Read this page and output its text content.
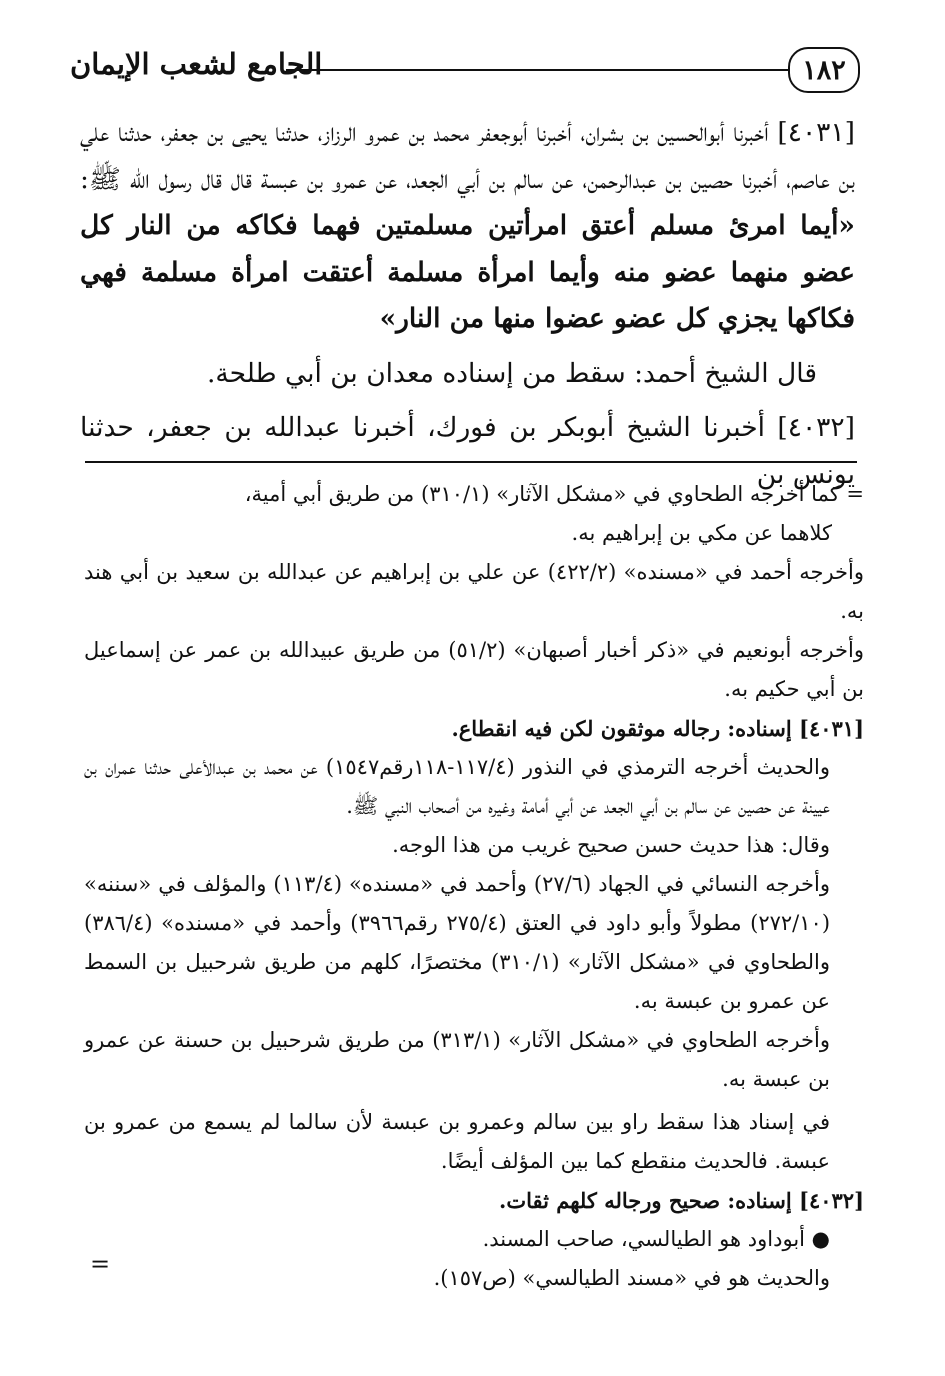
١٨٢
الجامع لشعب الإيمان

[٤٠٣١] أخبرنا أبوالحسين بن بشران، أخبرنا أبوجعفر محمد بن عمرو الرزاز، حدثنا يحيى بن جعفر، حدثنا علي بن عاصم، أخبرنا حصين بن عبدالرحمن، عن سالم بن أبي الجعد، عن عمرو بن عبسة قال قال رسول الله ﷺ: «أيما امرئ مسلم أعتق امرأتين مسلمتين فهما فكاكه من النار كل عضو منهما عضو منه وأيما امرأة مسلمة أعتقت امرأة مسلمة فهي فكاكها يجزي كل عضو عضوا منها من النار»

قال الشيخ أحمد: سقط من إسناده معدان بن أبي طلحة.

[٤٠٣٢] أخبرنا الشيخ أبوبكر بن فورك، أخبرنا عبدالله بن جعفر، حدثنا يونس بن

= كما أخرجه الطحاوي في «مشكل الآثار» (٣١٠/١) من طريق أبي أمية،

كلاهما عن مكي بن إبراهيم به.

وأخرجه أحمد في «مسنده» (٤٢٢/٢) عن علي بن إبراهيم عن عبدالله بن سعيد بن أبي هند به.

وأخرجه أبونعيم في «ذكر أخبار أصبهان» (٥١/٢) من طريق عبيدالله بن عمر عن إسماعيل بن أبي حكيم به.

[٤٠٣١] إسناده: رجاله موثقون لكن فيه انقطاع.

والحديث أخرجه الترمذي في النذور (١١٧/٤-١١٨رقم١٥٤٧) عن محمد بن عبدالأعلى حدثنا عمران بن عيينة عن حصين عن سالم بن أبي الجعد عن أبي أمامة وغيره من أصحاب النبي ﷺ.

وقال: هذا حديث حسن صحيح غريب من هذا الوجه.

وأخرجه النسائي في الجهاد (٢٧/٦) وأحمد في «مسنده» (١١٣/٤) والمؤلف في «سننه» (٢٧٢/١٠) مطولاً وأبو داود في العتق (٢٧٥/٤ رقم٣٩٦٦) وأحمد في «مسنده» (٣٨٦/٤) والطحاوي في «مشكل الآثار» (٣١٠/١) مختصرًا، كلهم من طريق شرحبيل بن السمط عن عمرو بن عبسة به.

وأخرجه الطحاوي في «مشكل الآثار» (٣١٣/١) من طريق شرحبيل بن حسنة عن عمرو بن عبسة به.

في إسناد هذا سقط راو بين سالم وعمرو بن عبسة لأن سالما لم يسمع من عمرو بن عبسة. فالحديث منقطع كما بين المؤلف أيضًا.

[٤٠٣٢] إسناده: صحيح ورجاله كلهم ثقات.

● أبوداود هو الطيالسي، صاحب المسند.

والحديث هو في «مسند الطيالسي» (ص١٥٧).

=
